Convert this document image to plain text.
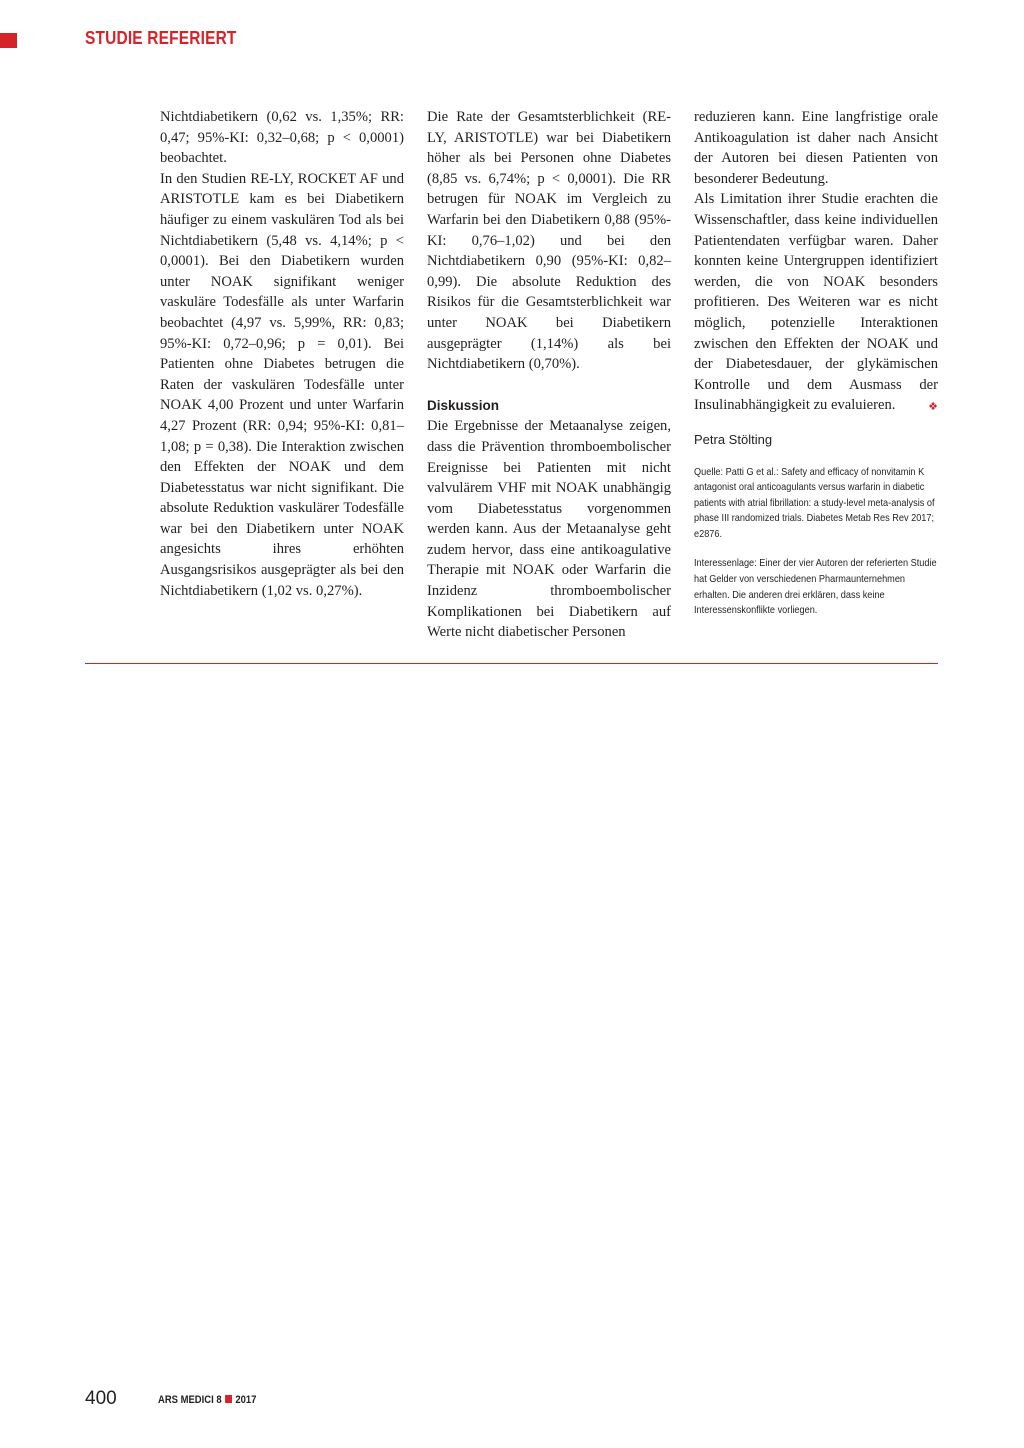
STUDIE REFERIERT

Nichtdiabetikern (0,62 vs. 1,35%; RR: 0,47; 95%-KI: 0,32–0,68; p < 0,0001) beobachtet.

In den Studien RE-LY, ROCKET AF und ARISTOTLE kam es bei Diabetikern häufiger zu einem vaskulären Tod als bei Nichtdiabetikern (5,48 vs. 4,14%; p < 0,0001). Bei den Diabetikern wurden unter NOAK signifikant weniger vaskuläre Todesfälle als unter Warfarin beobachtet (4,97 vs. 5,99%, RR: 0,83; 95%-KI: 0,72–0,96; p = 0,01). Bei Patienten ohne Diabetes betrugen die Raten der vaskulären Todesfälle unter NOAK 4,00 Prozent und unter Warfarin 4,27 Prozent (RR: 0,94; 95%-KI: 0,81–1,08; p = 0,38). Die Interaktion zwischen den Effekten der NOAK und dem Diabetesstatus war nicht signifikant. Die absolute Reduktion vaskulärer Todesfälle war bei den Diabetikern unter NOAK angesichts ihres erhöhten Ausgangsrisikos ausgeprägter als bei den Nichtdiabetikern (1,02 vs. 0,27%).

Die Rate der Gesamtsterblichkeit (RE-LY, ARISTOTLE) war bei Diabetikern höher als bei Personen ohne Diabetes (8,85 vs. 6,74%; p < 0,0001). Die RR betrugen für NOAK im Vergleich zu Warfarin bei den Diabetikern 0,88 (95%-KI: 0,76–1,02) und bei den Nichtdiabetikern 0,90 (95%-KI: 0,82–0,99). Die absolute Reduktion des Risikos für die Gesamtsterblichkeit war unter NOAK bei Diabetikern ausgeprägter (1,14%) als bei Nichtdiabetikern (0,70%).

Diskussion

Die Ergebnisse der Metaanalyse zeigen, dass die Prävention thromboembolischer Ereignisse bei Patienten mit nicht valvulärem VHF mit NOAK unabhängig vom Diabetesstatus vorgenommen werden kann. Aus der Metaanalyse geht zudem hervor, dass eine antikoagulative Therapie mit NOAK oder Warfarin die Inzidenz thromboembolischer Komplikationen bei Diabetikern auf Werte nicht diabetischer Personen

reduzieren kann. Eine langfristige orale Antikoagulation ist daher nach Ansicht der Autoren bei diesen Patienten von besonderer Bedeutung.

Als Limitation ihrer Studie erachten die Wissenschaftler, dass keine individuellen Patientendaten verfügbar waren. Daher konnten keine Untergruppen identifiziert werden, die von NOAK besonders profitieren. Des Weiteren war es nicht möglich, potenzielle Interaktionen zwischen den Effekten der NOAK und der Diabetesdauer, der glykämischen Kontrolle und dem Ausmass der Insulinabhängigkeit zu evaluieren.	❖

Petra Stölting

Quelle: Patti G et al.: Safety and efficacy of nonvitamin K antagonist oral anticoagulants versus warfarin in diabetic patients with atrial fibrillation: a study-level meta-analysis of phase III randomized trials. Diabetes Metab Res Rev 2017; e2876.

Interessenlage: Einer der vier Autoren der referierten Studie hat Gelder von verschiedenen Pharmaunternehmen erhalten. Die anderen drei erklären, dass keine Interessenskonflikte vorliegen.

400	ARS MEDICI 8 2017
